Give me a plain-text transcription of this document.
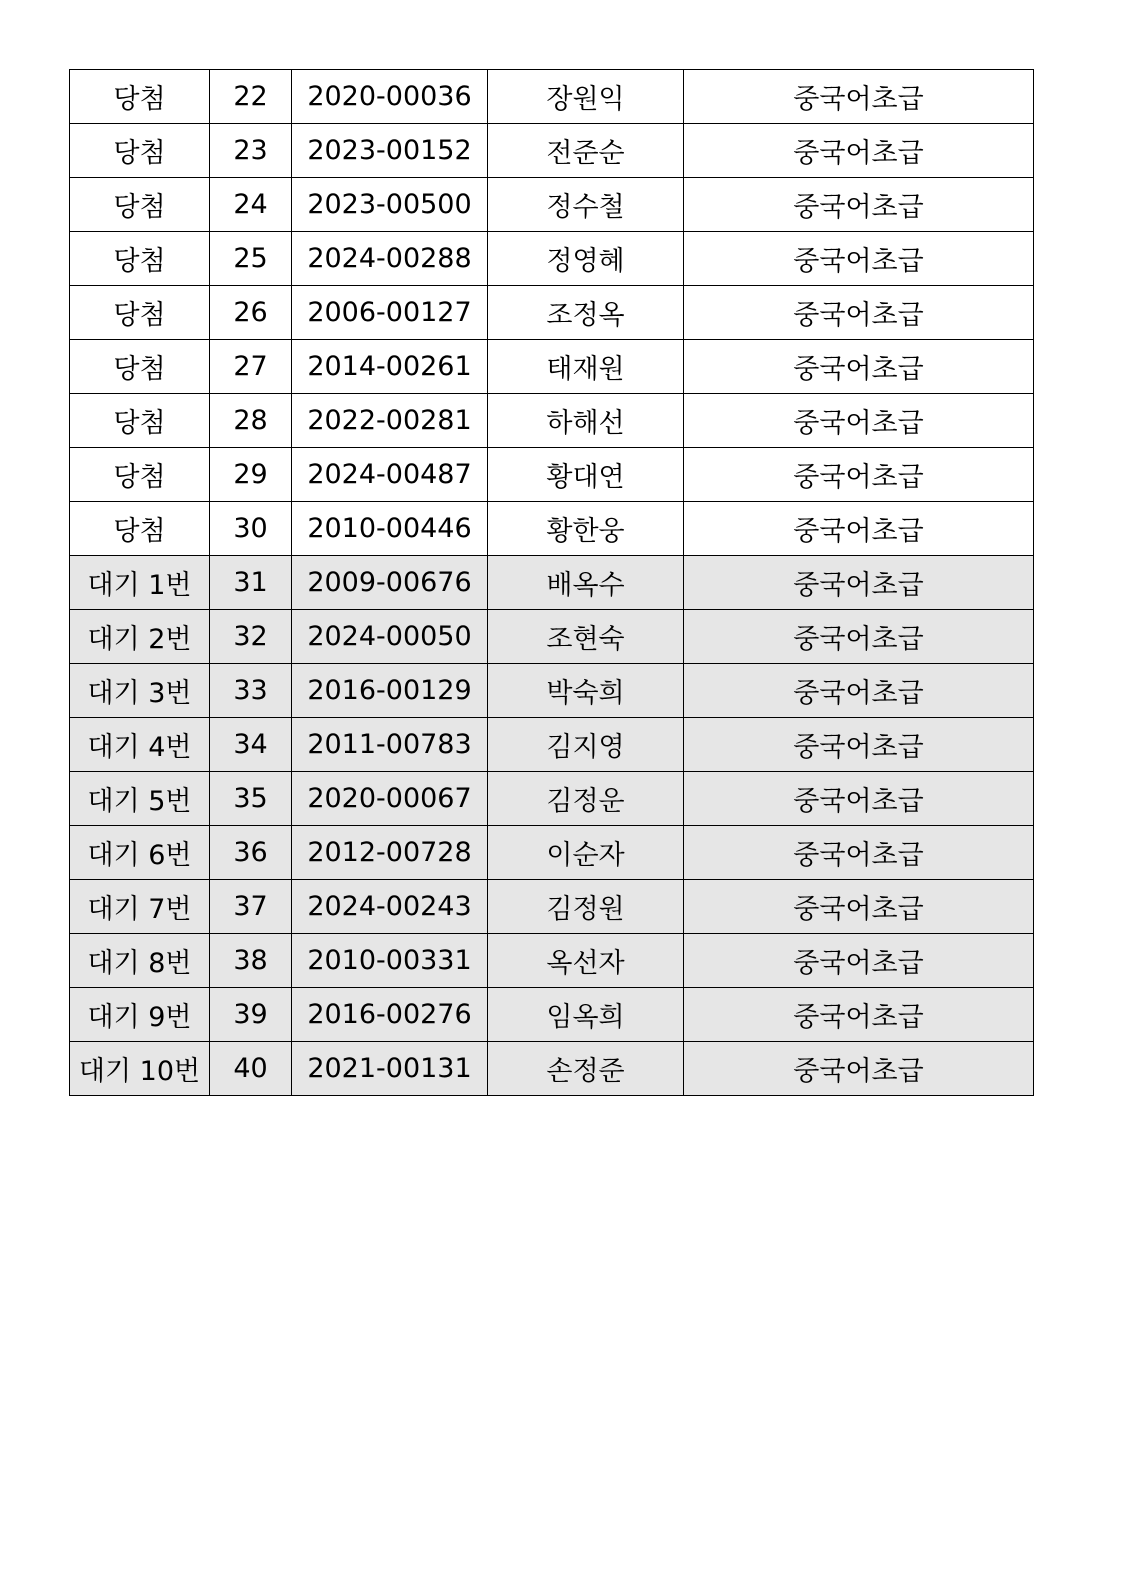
당첨	22	2020-00036	장원익	중국어초급
당첨	23	2023-00152	전준순	중국어초급
당첨	24	2023-00500	정수철	중국어초급
당첨	25	2024-00288	정영혜	중국어초급
당첨	26	2006-00127	조정옥	중국어초급
당첨	27	2014-00261	태재원	중국어초급
당첨	28	2022-00281	하해선	중국어초급
당첨	29	2024-00487	황대연	중국어초급
당첨	30	2010-00446	황한웅	중국어초급
대기 1번	31	2009-00676	배옥수	중국어초급
대기 2번	32	2024-00050	조현숙	중국어초급
대기 3번	33	2016-00129	박숙희	중국어초급
대기 4번	34	2011-00783	김지영	중국어초급
대기 5번	35	2020-00067	김정운	중국어초급
대기 6번	36	2012-00728	이순자	중국어초급
대기 7번	37	2024-00243	김정원	중국어초급
대기 8번	38	2010-00331	옥선자	중국어초급
대기 9번	39	2016-00276	임옥희	중국어초급
대기 10번	40	2021-00131	손정준	중국어초급
